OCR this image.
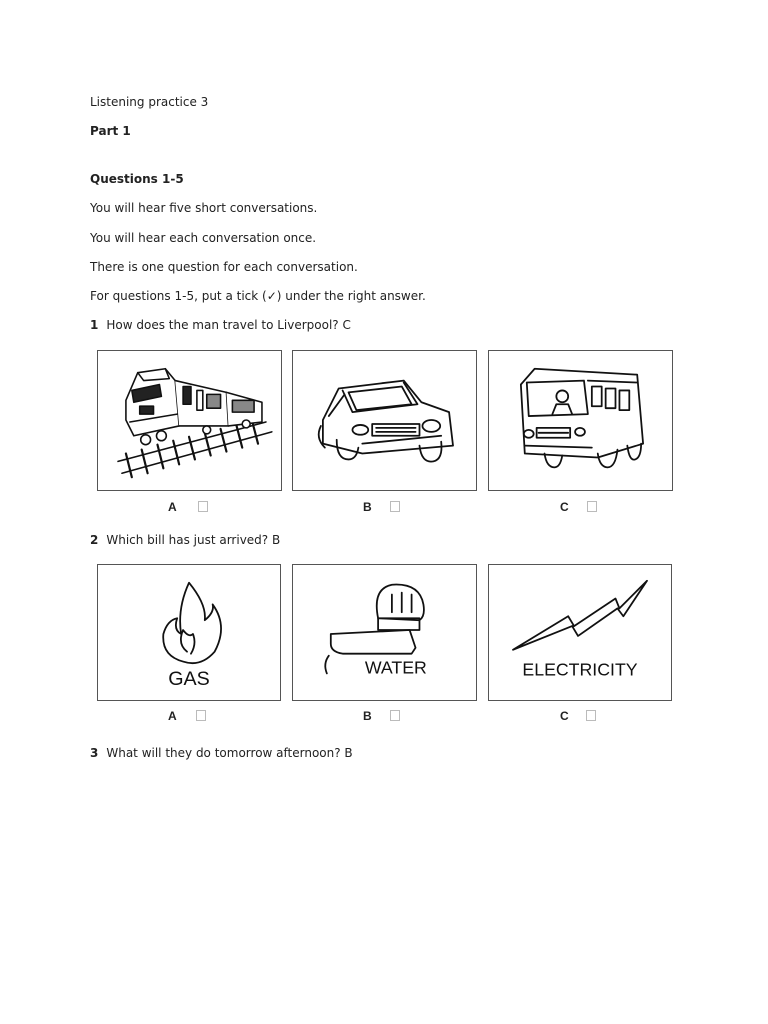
Listening practice 3
Part 1
Questions 1-5
You will hear five short conversations.
You will hear each conversation once.
There is one question for each conversation.
For questions 1-5, put a tick (✓) under the right answer.
1 How does the man travel to Liverpool? C
A	B	C
2 Which bill has just arrived? B
GAS
A
WATER
B
ELECTRICITY
C
3 What will they do tomorrow afternoon? B
